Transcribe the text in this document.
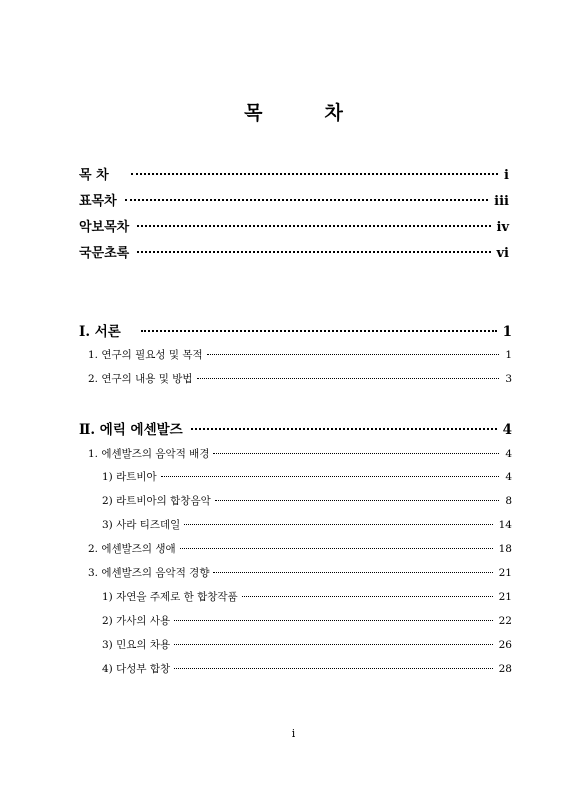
목	차
목 차	i
표목차	iii
악보목차	iv
국문초록	vi
Ⅰ. 서론	1
1. 연구의 필요성 및 목적	1
2. 연구의 내용 및 방법	3
Ⅱ. 에릭 에센발즈	4
1. 에센발즈의 음악적 배경	4
1) 라트비아	4
2) 라트비아의 합창음악	8
3) 사라 티즈데일	14
2. 에센발즈의 생애	18
3. 에센발즈의 음악적 경향	21
1) 자연을 주제로 한 합창작품	21
2) 가사의 사용	22
3) 민요의 차용	26
4) 다성부 합창	28
i
